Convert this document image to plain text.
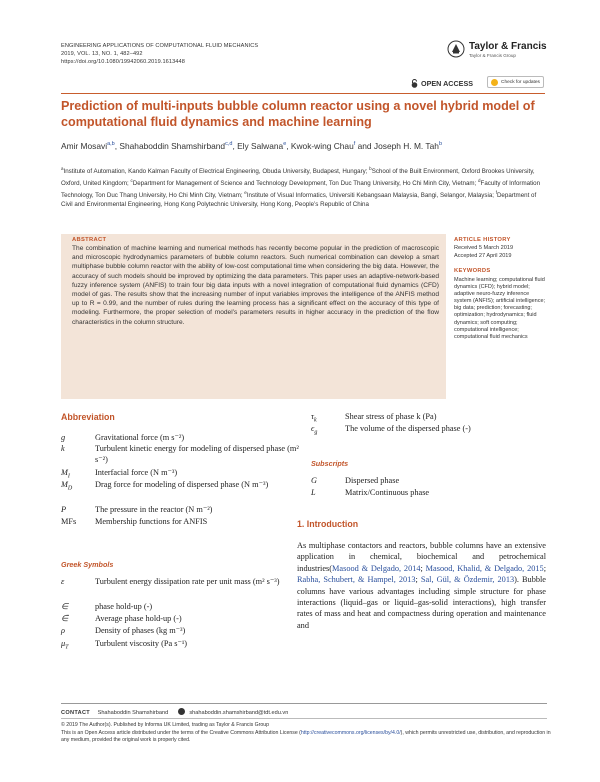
ENGINEERING APPLICATIONS OF COMPUTATIONAL FLUID MECHANICS
2019, VOL. 13, NO. 1, 482–492
https://doi.org/10.1080/19942060.2019.1613448
Taylor & Francis
Taylor & Francis Group
OPEN ACCESS	Check for updates
Prediction of multi-inputs bubble column reactor using a novel hybrid model of computational fluid dynamics and machine learning
Amir Mosavi$^{a,b}$, Shahaboddin Shamshirband$^{c,d}$, Ely Salwana$^e$, Kwok-wing Chau$^f$ and Joseph H. M. Tah$^b$
$^a$Institute of Automation, Kando Kalman Faculty of Electrical Engineering, Obuda University, Budapest, Hungary; $^b$School of the Built Environment, Oxford Brookes University, Oxford, United Kingdom; $^c$Department for Management of Science and Technology Development, Ton Duc Thang University, Ho Chi Minh City, Vietnam; $^d$Faculty of Information Technology, Ton Duc Thang University, Ho Chi Minh City, Vietnam; $^e$Institute of Visual Informatics, Universiti Kebangsaan Malaysia, Bangi, Selangor, Malaysia; $^f$Department of Civil and Environmental Engineering, Hong Kong Polytechnic University, Hong Kong, People’s Republic of China
ABSTRACT
The combination of machine learning and numerical methods has recently become popular in the prediction of macroscopic and microscopic hydrodynamics parameters of bubble column reactors. Such numerical combination can develop a smart multiphase bubble column reactor with the ability of low-cost computational time when considering the big data. However, the accuracy of such models should be improved by optimizing the data parameters. This paper uses an adaptive-network-based fuzzy inference system (ANFIS) to train four big data inputs with a novel integration of computational fluid dynamics (CFD) model of gas. The results show that the increasing number of input variables improves the intelligence of the ANFIS method up to R = 0.99, and the number of rules during the learning process has a significant effect on the accuracy of this type of modeling. Furthermore, the proper selection of model’s parameters results in higher accuracy in the prediction of the flow characteristics in the column structure.
ARTICLE HISTORY
Received 5 March 2019
Accepted 27 April 2019
KEYWORDS
Machine learning; computational fluid dynamics (CFD); hybrid model; adaptive neuro-fuzzy inference system (ANFIS); artificial intelligence; big data; prediction; forecasting; optimization; hydrodynamics; fluid dynamics; soft computing; computational intelligence; computational fluid mechanics
Abbreviation
g	Gravitational force (m s⁻²)
k	Turbulent kinetic energy for modeling of dispersed phase (m² s⁻²)
$M_I$	Interfacial force (N m⁻³)
$M_D$	Drag force for modeling of dispersed phase (N m⁻³)
P	The pressure in the reactor (N m⁻²)
MFs Membership functions for ANFIS
Greek Symbols
ε	Turbulent energy dissipation rate per unit mass (m² s⁻³)
∈	phase hold-up (-)
∈̄	Average phase hold-up (-)
ρ	Density of phases (kg m⁻³)
$\mu_T$	Turbulent viscosity (Pa s⁻¹)
$\tau_k$	Shear stress of phase k (Pa)
$\epsilon_g$	The volume of the dispersed phase (-)
Subscripts
G	Dispersed phase
L	Matrix/Continuous phase
1. Introduction
As multiphase contactors and reactors, bubble columns have an extensive application in chemical, biochemical and petrochemical industries(Masood & Delgado, 2014; Masood, Khalid, & Delgado, 2015; Rabha, Schubert, & Hampel, 2013; Sal, Gül, & Özdemir, 2013). Bubble columns have various advantages including simple structure for phase interactions (liquid–gas or liquid–gas-solid interactions), high transfer rates of mass and heat and compactness during operation and maintenance and
CONTACT Shahaboddin Shamshirband	shahaboddin.shamshirband@tdt.edu.vn
© 2019 The Author(s). Published by Informa UK Limited, trading as Taylor & Francis Group
This is an Open Access article distributed under the terms of the Creative Commons Attribution License (http://creativecommons.org/licenses/by/4.0/), which permits unrestricted use, distribution, and reproduction in any medium, provided the original work is properly cited.
